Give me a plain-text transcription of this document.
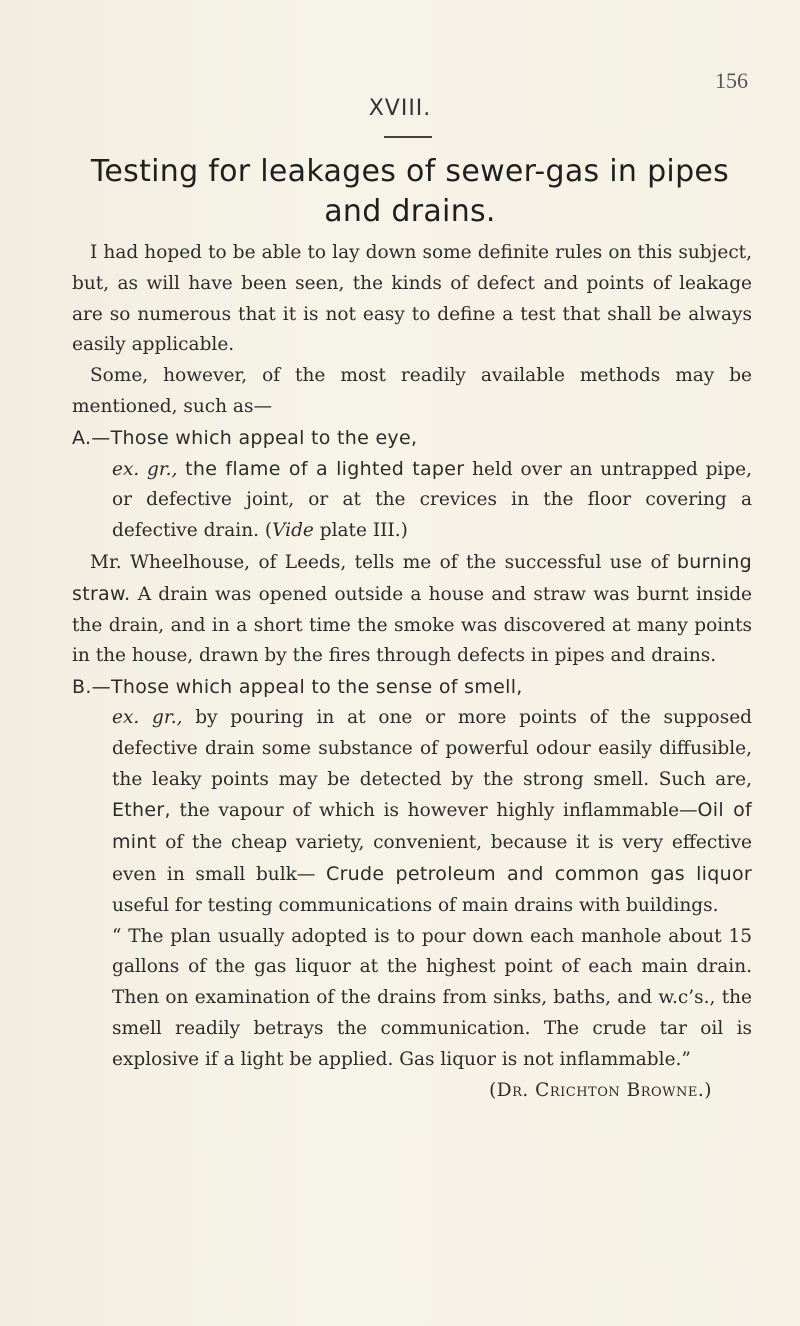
156
XVIII.
Testing for leakages of sewer-gas in pipes and drains.

I had hoped to be able to lay down some definite rules on this subject, but, as will have been seen, the kinds of defect and points of leakage are so numerous that it is not easy to define a test that shall be always easily applicable.

Some, however, of the most readily available methods may be mentioned, such as—

A.—Those which appeal to the eye,

ex. gr., the flame of a lighted taper held over an untrapped pipe, or defective joint, or at the crevices in the floor covering a defective drain. (Vide plate III.)

Mr. Wheelhouse, of Leeds, tells me of the successful use of burning straw. A drain was opened outside a house and straw was burnt inside the drain, and in a short time the smoke was discovered at many points in the house, drawn by the fires through defects in pipes and drains.

B.—Those which appeal to the sense of smell,

ex. gr., by pouring in at one or more points of the supposed defective drain some substance of powerful odour easily diffusible, the leaky points may be detected by the strong smell. Such are, Ether, the vapour of which is however highly inflammable—Oil of mint of the cheap variety, convenient, because it is very effective even in small bulk— Crude petroleum and common gas liquor useful for testing communications of main drains with buildings.

“ The plan usually adopted is to pour down each manhole about 15 gallons of the gas liquor at the highest point of each main drain. Then on examination of the drains from sinks, baths, and w.c’s., the smell readily betrays the communication. The crude tar oil is explosive if a light be applied. Gas liquor is not inflammable.”

(Dr. Crichton Browne.)
